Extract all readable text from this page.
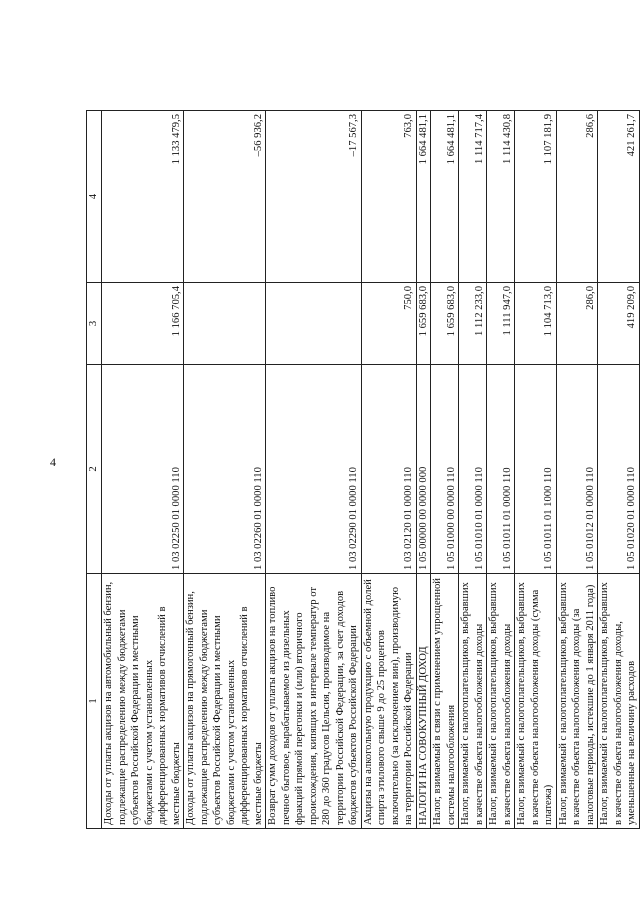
4
1	2	3	4
Доходы от уплаты акцизов на автомобильный бензин, подлежащие распределению между бюджетами субъектов Российской Федерации и местными бюджетами с учетом установленных дифференцированных нормативов отчислений в местные бюджеты	1 03 02250 01 0000 110	1 166 705,4	1 133 479,5
Доходы от уплаты акцизов на прямогонный бензин, подлежащие распределению между бюджетами субъектов Российской Федерации и местными бюджетами с учетом установленных дифференцированных нормативов отчислений в местные бюджеты	1 03 02260 01 0000 110		–56 936,2
Возврат сумм доходов от уплаты акцизов на топливо печное бытовое, вырабатываемое из дизельных фракций прямой перегонки и (или) вторичного происхождения, кипящих в интервале температур от 280 до 360 градусов Цельсия, производимое на территории Российской Федерации, за счет доходов бюджетов субъектов Российской Федерации	1 03 02290 01 0000 110		–17 567,3
Акцизы на алкогольную продукцию с объемной долей спирта этилового свыше 9 до 25 процентов включительно (за исключением вин), производимую на территории Российской Федерации	1 03 02120 01 0000 110	750,0	763,0
НАЛОГИ НА СОВОКУПНЫЙ ДОХОД	1 05 00000 00 0000 000	1 659 683,0	1 664 481,1
Налог, взимаемый в связи с применением упрощенной системы налогообложения	1 05 01000 00 0000 110	1 659 683,0	1 664 481,1
Налог, взимаемый с налогоплательщиков, выбравших в качестве объекта налогообложения доходы	1 05 01010 01 0000 110	1 112 233,0	1 114 717,4
Налог, взимаемый с налогоплательщиков, выбравших в качестве объекта налогообложения доходы	1 05 01011 01 0000 110	1 111 947,0	1 114 430,8
Налог, взимаемый с налогоплательщиков, выбравших в качестве объекта налогообложения доходы (сумма платежа)	1 05 01011 01 1000 110	1 104 713,0	1 107 181,9
Налог, взимаемый с налогоплательщиков, выбравших в качестве объекта налогообложения доходы (за налоговые периоды, истекшие до 1 января 2011 года)	1 05 01012 01 0000 110	286,0	286,6
Налог, взимаемый с налогоплательщиков, выбравших в качестве объекта налогообложения доходы, уменьшенные на величину расходов	1 05 01020 01 0000 110	419 209,0	421 261,7
